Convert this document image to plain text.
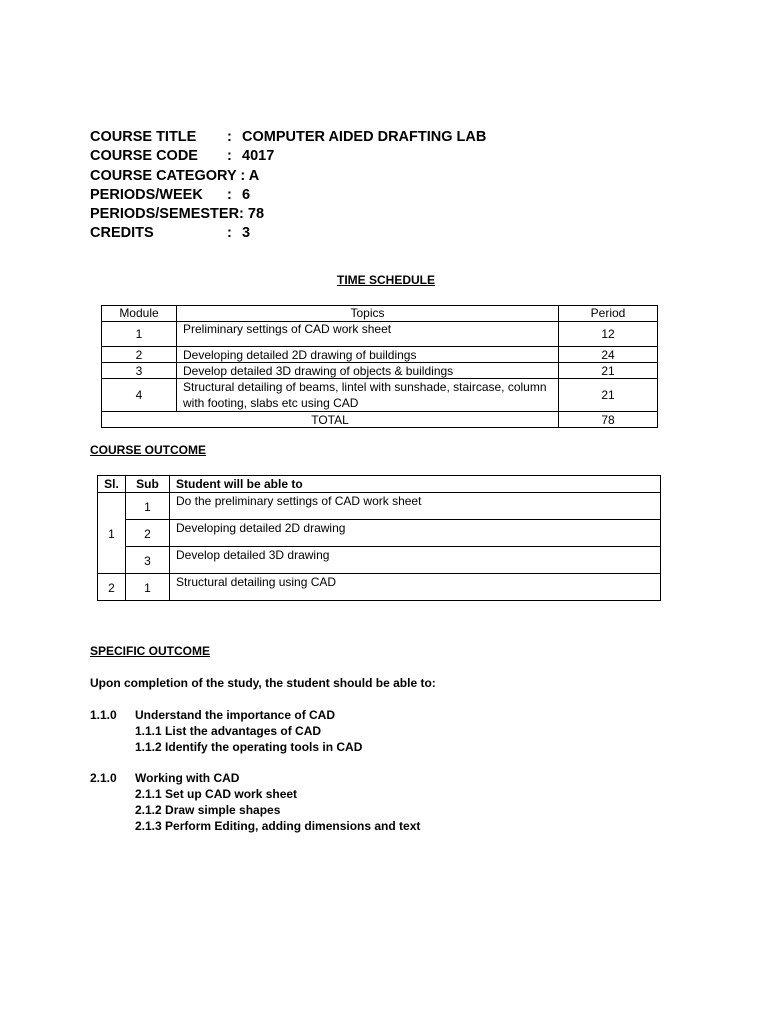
COURSE TITLE : COMPUTER AIDED DRAFTING LAB
COURSE CODE : 4017
COURSE CATEGORY : A
PERIODS/WEEK : 6
PERIODS/SEMESTER: 78
CREDITS	: 3
TIME SCHEDULE
Module	Topics	Period
1	Preliminary settings of CAD work sheet	12
2	Developing detailed 2D drawing of buildings	24
3	Develop detailed 3D drawing of objects & buildings	21
4	Structural detailing of beams, lintel with sunshade, staircase, column with footing, slabs etc using CAD	21
TOTAL		78
COURSE OUTCOME
Sl.	Sub	Student will be able to
1	1	Do the preliminary settings of CAD work sheet
	2	Developing detailed 2D drawing
	3	Develop detailed 3D drawing
2	1	Structural detailing using CAD
SPECIFIC OUTCOME
Upon completion of the study, the student should be able to:
1.1.0 Understand the importance of CAD
1.1.1 List the advantages of CAD
1.1.2 Identify the operating tools in CAD
2.1.0 Working with CAD
2.1.1 Set up CAD work sheet
2.1.2 Draw simple shapes
2.1.3 Perform Editing, adding dimensions and text
